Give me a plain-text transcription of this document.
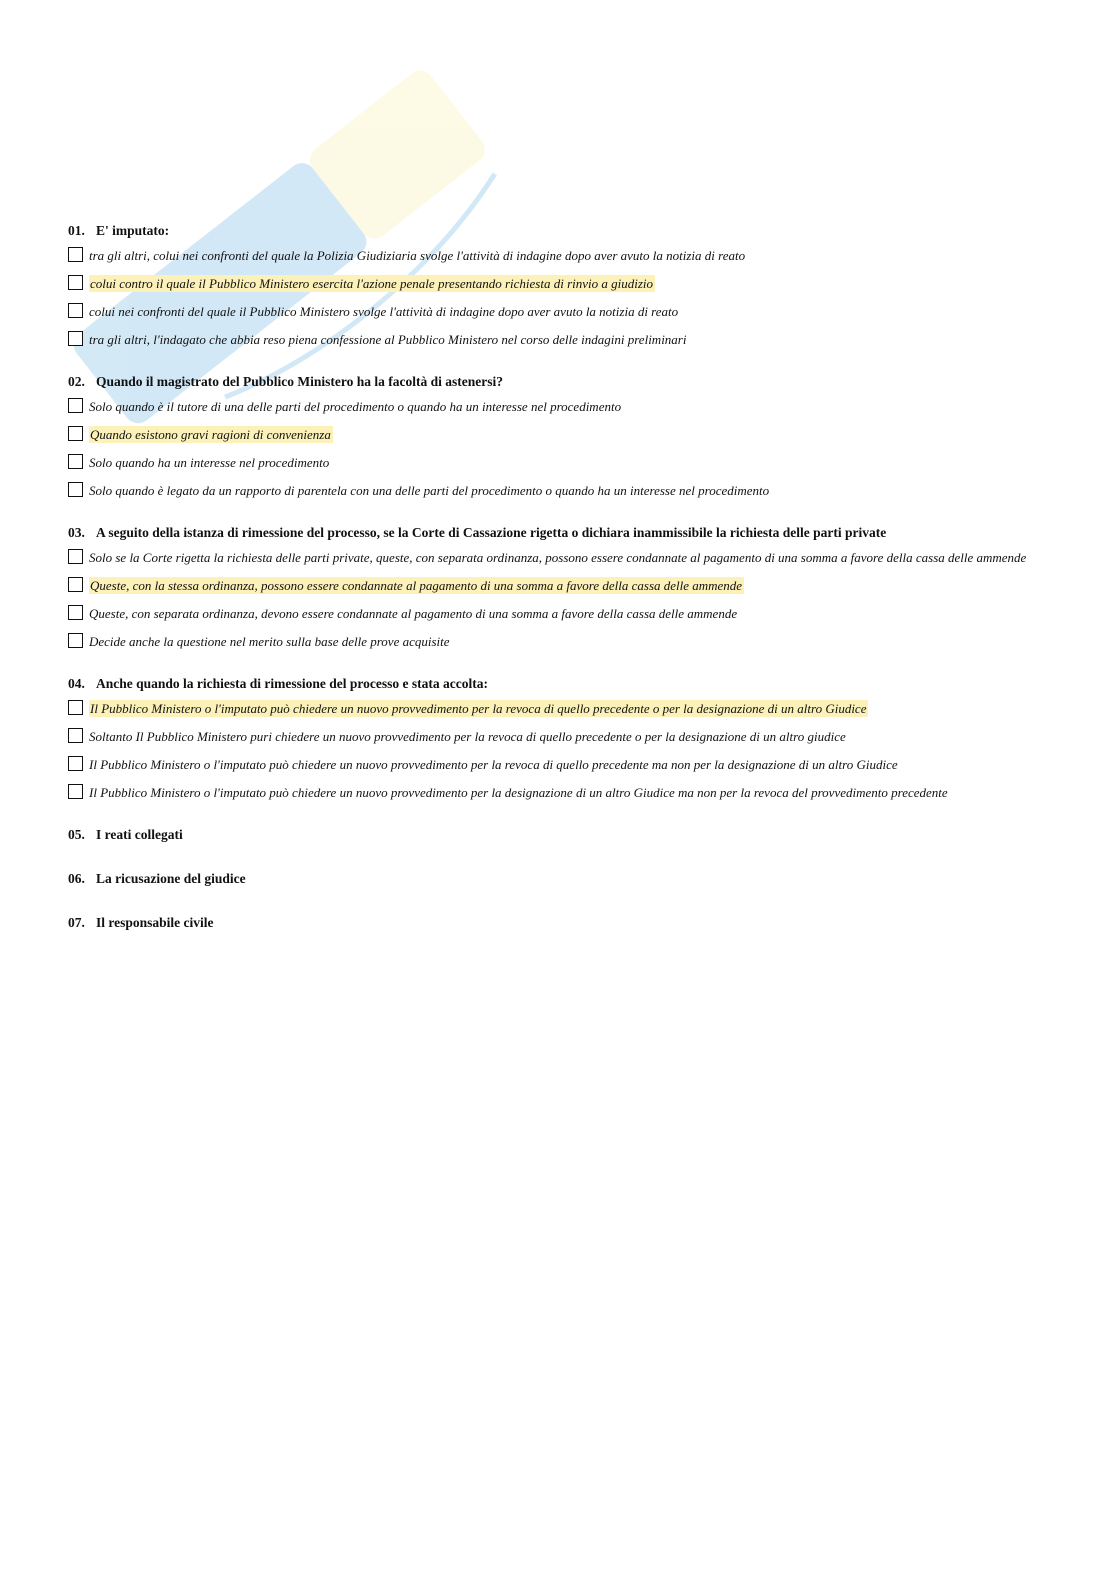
01. E' imputato:
tra gli altri, colui nei confronti del quale la Polizia Giudiziaria svolge l'attività di indagine dopo aver avuto la notizia di reato
colui contro il quale il Pubblico Ministero esercita l'azione penale presentando richiesta di rinvio a giudizio
colui nei confronti del quale il Pubblico Ministero svolge l'attività di indagine dopo aver avuto la notizia di reato
tra gli altri, l'indagato che abbia reso piena confessione al Pubblico Ministero nel corso delle indagini preliminari
02. Quando il magistrato del Pubblico Ministero ha la facoltà di astenersi?
Solo quando è il tutore di una delle parti del procedimento o quando ha un interesse nel procedimento
Quando esistono gravi ragioni di convenienza
Solo quando ha un interesse nel procedimento
Solo quando è legato da un rapporto di parentela con una delle parti del procedimento o quando ha un interesse nel procedimento
03. A seguito della istanza di rimessione del processo, se la Corte di Cassazione rigetta o dichiara inammissibile la richiesta delle parti private
Solo se la Corte rigetta la richiesta delle parti private, queste, con separata ordinanza, possono essere condannate al pagamento di una somma a favore della cassa delle ammende
Queste, con la stessa ordinanza, possono essere condannate al pagamento di una somma a favore della cassa delle ammende
Queste, con separata ordinanza, devono essere condannate al pagamento di una somma a favore della cassa delle ammende
Decide anche la questione nel merito sulla base delle prove acquisite
04. Anche quando la richiesta di rimessione del processo e stata accolta:
Il Pubblico Ministero o l'imputato può chiedere un nuovo provvedimento per la revoca di quello precedente o per la designazione di un altro Giudice
Soltanto Il Pubblico Ministero puri chiedere un nuovo provvedimento per la revoca di quello precedente o per la designazione di un altro giudice
Il Pubblico Ministero o l'imputato può chiedere un nuovo provvedimento per la revoca di quello precedente ma non per la designazione di un altro Giudice
Il Pubblico Ministero o l'imputato può chiedere un nuovo provvedimento per la designazione di un altro Giudice ma non per la revoca del provvedimento precedente
05. I reati collegati
06. La ricusazione del giudice
07. Il responsabile civile
